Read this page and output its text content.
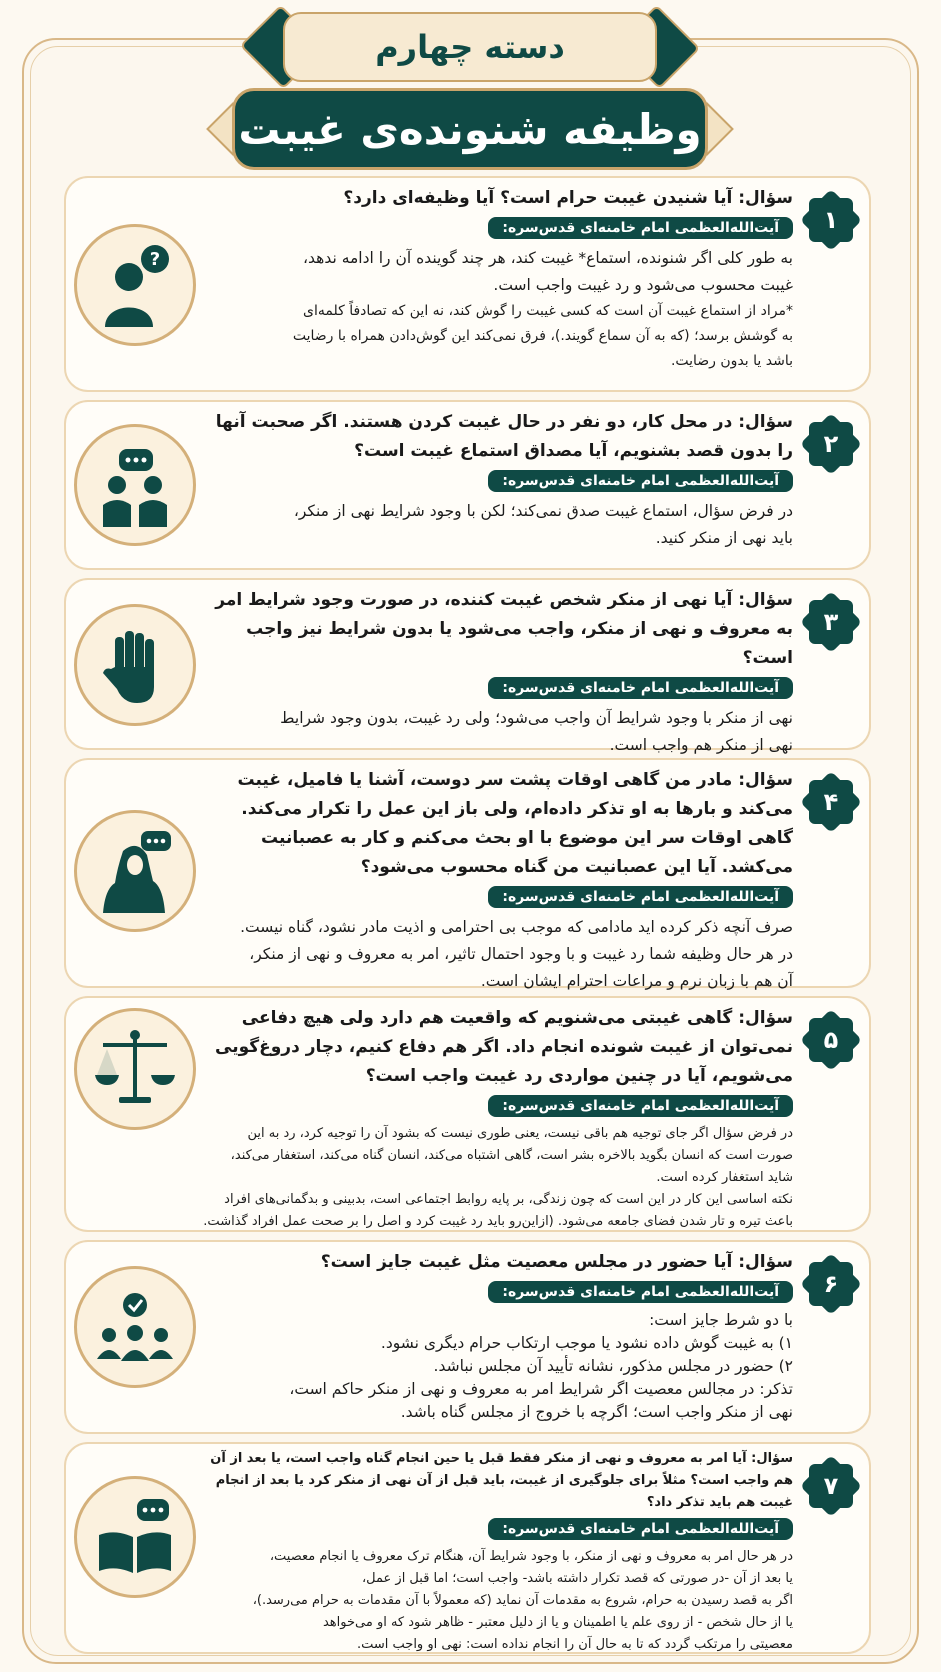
دسته چهارم
وظیفه شنونده‌ی غیبت
?
۱
سؤال: آیا شنیدن غیبت حرام است؟ آیا وظیفه‌ای دارد؟
آیت‌الله‌العظمی امام خامنه‌ای قدس‌سره:
به طور کلی اگر شنونده، استماع* غیبت کند، هر چند گوینده آن را ادامه ندهد،
غیبت محسوب می‌شود و رد غیبت واجب است.
*مراد از استماع غیبت آن است که کسی غیبت را گوش کند، نه این که تصادفاً کلمه‌ای
به گوشش برسد؛ (که به آن سماع گویند.)، فرق نمی‌کند این گوش‌دادن همراه با رضایت
باشد یا بدون رضایت.
۲
سؤال: در محل کار، دو نفر در حال غیبت کردن هستند. اگر صحبت آنها را بدون قصد بشنویم، آیا مصداق استماع غیبت است؟
آیت‌الله‌العظمی امام خامنه‌ای قدس‌سره:
در فرض سؤال، استماع غیبت صدق نمی‌کند؛ لکن با وجود شرایط نهی از منکر،
باید نهی از منکر کنید.
۳
سؤال: آیا نهی از منکر شخص غیبت کننده، در صورت وجود شرایط امر به معروف و نهی از منکر، واجب می‌شود یا بدون شرایط نیز واجب است؟
آیت‌الله‌العظمی امام خامنه‌ای قدس‌سره:
نهی از منکر با وجود شرایط آن واجب می‌شود؛ ولی رد غیبت، بدون وجود شرایط
نهی از منکر هم واجب است.
۴
سؤال: مادر من گاهی اوقات پشت سر دوست، آشنا یا فامیل، غیبت می‌کند و بارها به او تذکر داده‌ام، ولی باز این عمل را تکرار می‌کند. گاهی اوقات سر این موضوع با او بحث می‌کنم و کار به عصبانیت می‌کشد. آیا این عصبانیت من گناه محسوب می‌شود؟
آیت‌الله‌العظمی امام خامنه‌ای قدس‌سره:
صرف آنچه ذکر کرده اید مادامی که موجب بی احترامی و اذیت مادر نشود، گناه نیست.
در هر حال وظیفه شما رد غیبت و با وجود احتمال تاثیر، امر به معروف و نهی از منکر،
آن هم با زبان نرم و مراعات احترام ایشان است.
۵
سؤال: گاهی غیبتی می‌شنویم که واقعیت هم دارد ولی هیچ دفاعی نمی‌توان از غیبت شونده انجام داد. اگر هم دفاع کنیم، دچار دروغ‌گویی می‌شویم، آیا در چنین مواردی رد غیبت واجب است؟
آیت‌الله‌العظمی امام خامنه‌ای قدس‌سره:
در فرض سؤال اگر جای توجیه هم باقی نیست، یعنی طوری نیست که بشود آن را توجیه کرد، رد به این
صورت است که انسان بگوید بالاخره بشر است، گاهی اشتباه می‌کند، انسان گناه می‌کند، استغفار می‌کند،
شاید استغفار کرده است.
نکته اساسی این کار در این است که چون زندگی، بر پایه روابط اجتماعی است، بدبینی و بدگمانی‌های افراد
باعث تیره و تار شدن فضای جامعه می‌شود. (ازاین‌رو باید رد غیبت کرد و اصل را بر صحت عمل افراد گذاشت.
۶
سؤال: آیا حضور در مجلس معصیت مثل غیبت جایز است؟
آیت‌الله‌العظمی امام خامنه‌ای قدس‌سره:
با دو شرط جایز است:
۱) به غیبت گوش داده نشود یا موجب ارتکاب حرام دیگری نشود.
۲) حضور در مجلس مذکور، نشانه تأیید آن مجلس نباشد.
تذکر: در مجالس معصیت اگر شرایط امر به معروف و نهی از منکر حاکم است،
نهی از منکر واجب است؛ اگرچه با خروج از مجلس گناه باشد.
۷
سؤال: آیا امر به معروف و نهی از منکر فقط قبل یا حین انجام گناه واجب است، یا بعد از آن هم واجب است؟ مثلاً برای جلوگیری از غیبت، باید قبل از آن نهی از منکر کرد یا بعد از انجام غیبت هم باید تذکر داد؟
آیت‌الله‌العظمی امام خامنه‌ای قدس‌سره:
در هر حال امر به معروف و نهی از منکر، با وجود شرایط آن، هنگام ترک معروف یا انجام معصیت،
یا بعد از آن -در صورتی که قصد تکرار داشته باشد- واجب است؛ اما قبل از عمل،
اگر به قصد رسیدن به حرام، شروع به مقدمات آن نماید (که معمولاً با آن مقدمات به حرام می‌رسد.)،
یا از حال شخص - از روی علم یا اطمینان و یا از دلیل معتبر - ظاهر شود که او می‌خواهد
معصیتی را مرتکب گردد که تا به حال آن را انجام نداده است: نهی او واجب است.
